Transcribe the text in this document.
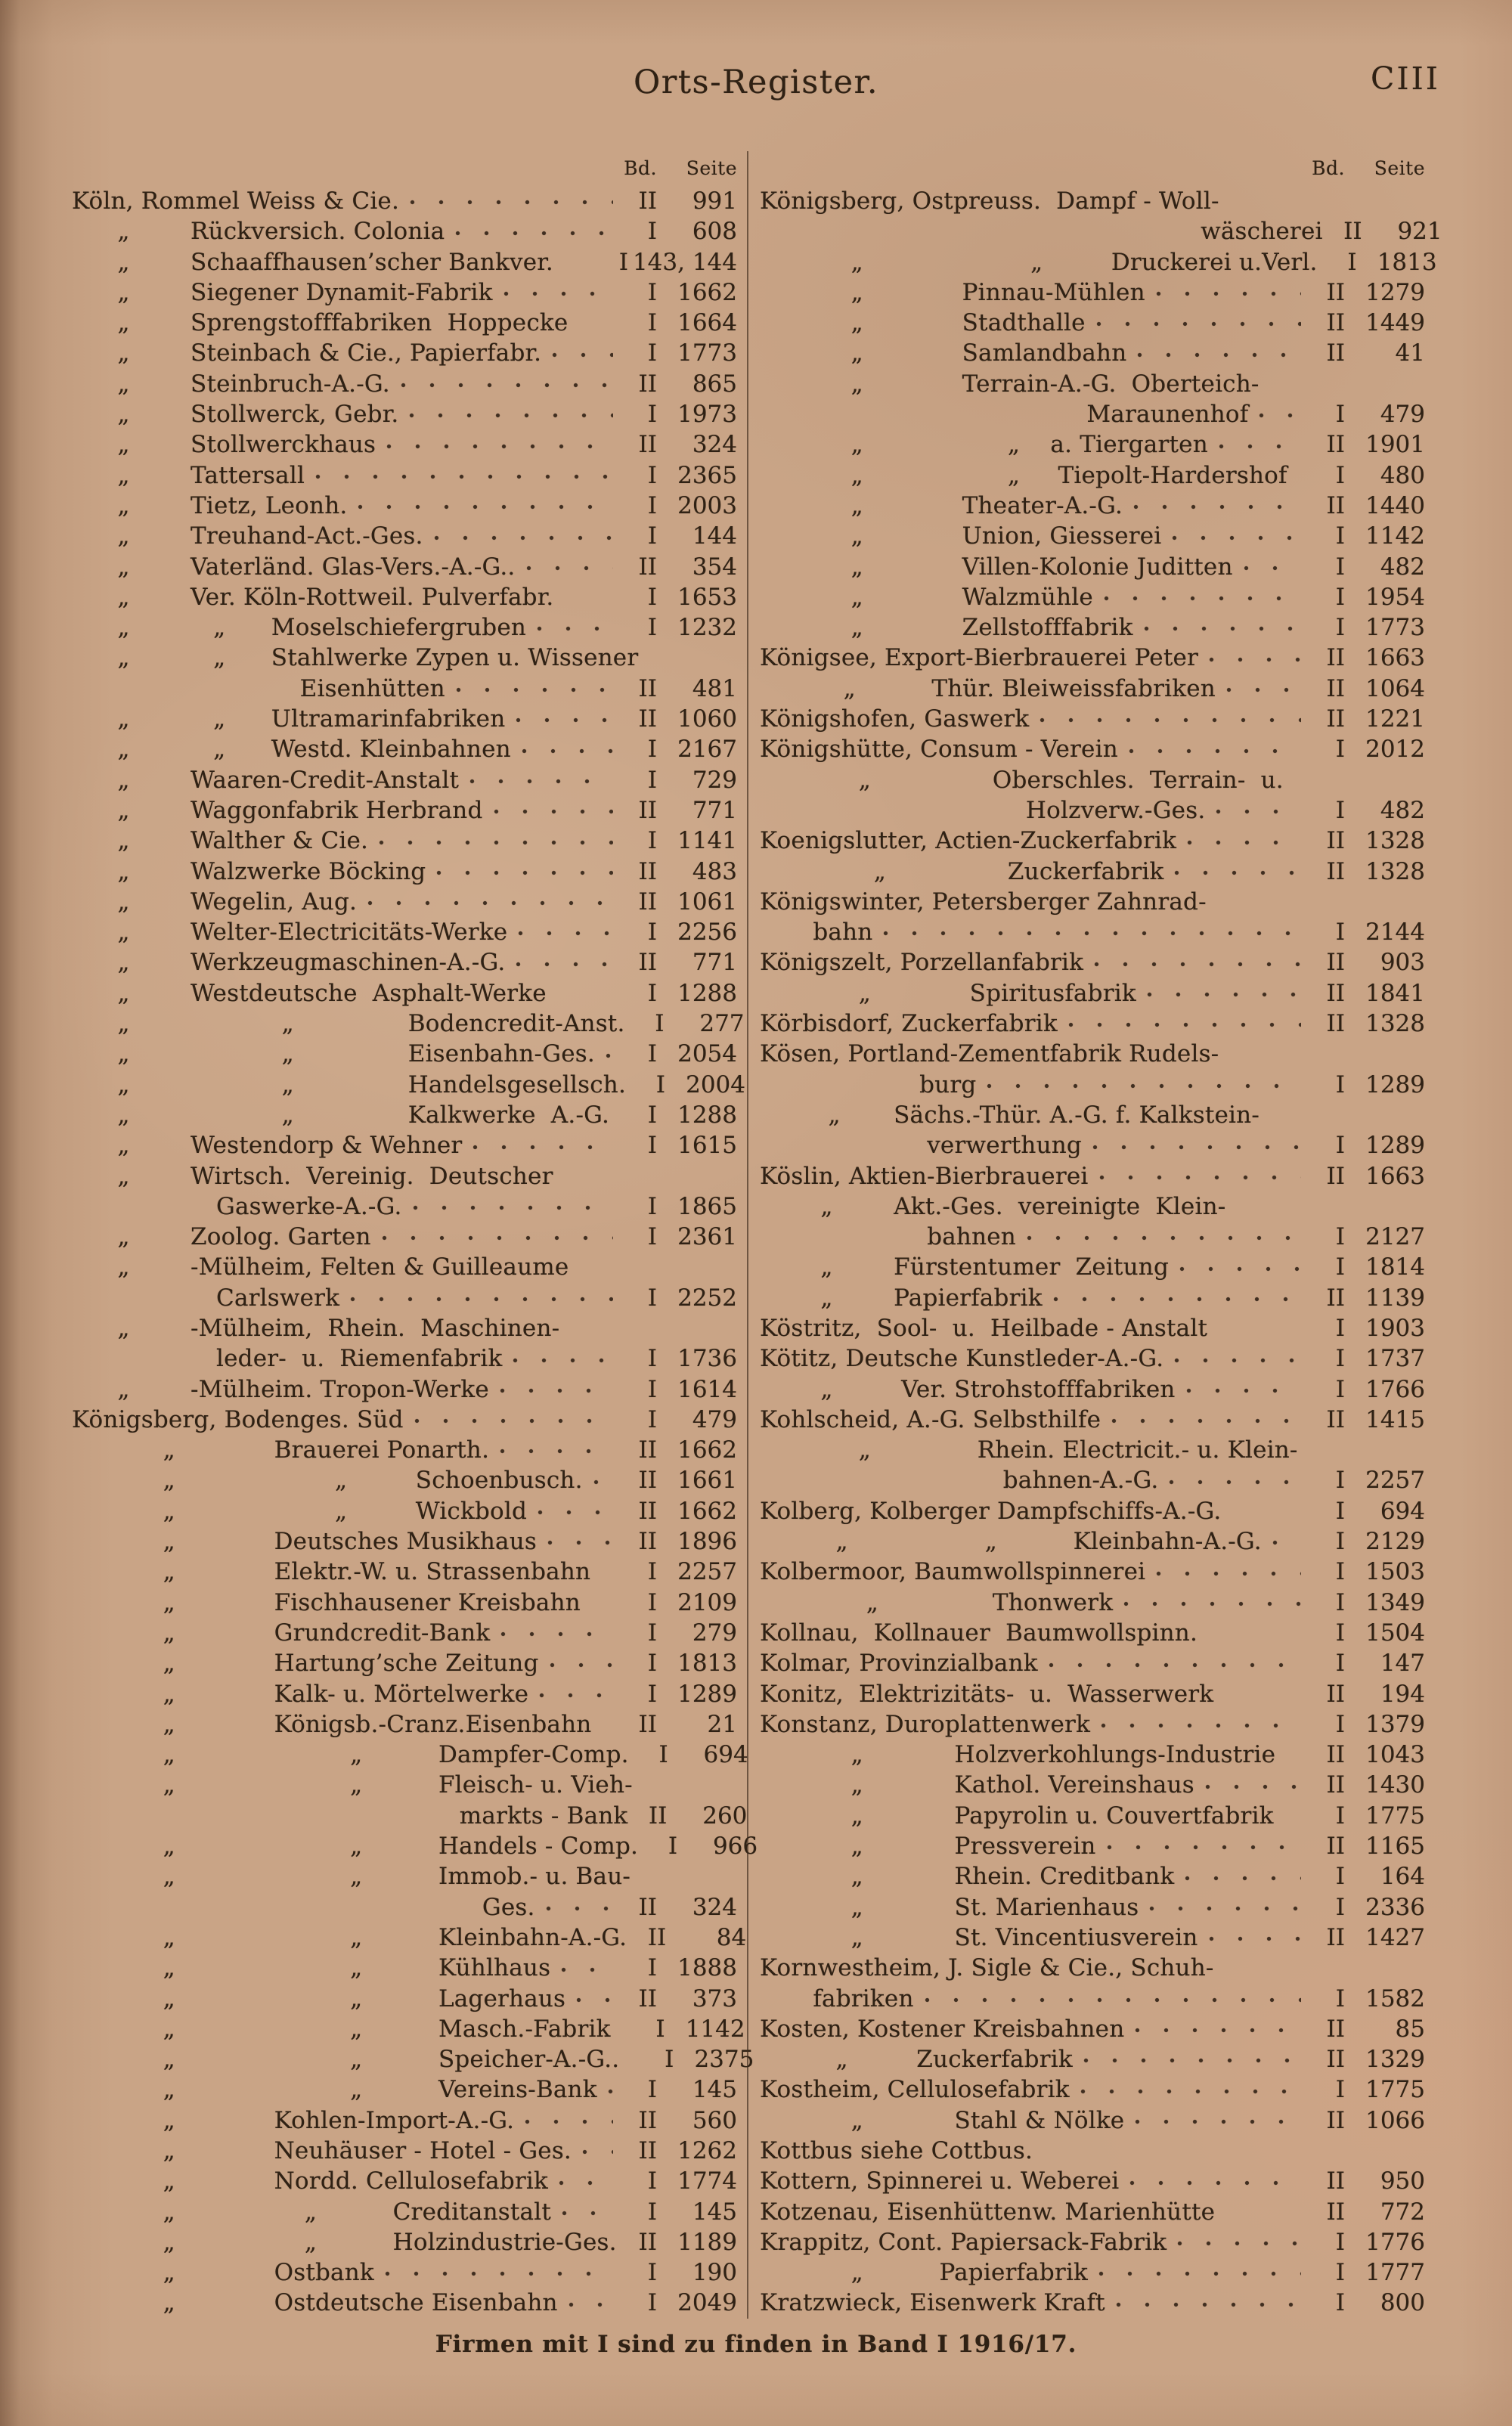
Orts-Register.	CIII
Bd.	Seite
Köln, Rommel Weiss & Cie.	II	991
„        Rückversich. Colonia	I	608
„        Schaaffhausen’scher Bankver.	I 143, 144
„        Siegener Dynamit-Fabrik	I 1662
„        Sprengstofffabriken  Hoppecke	I 1664
„        Steinbach & Cie., Papierfabr.	I 1773
„        Steinbruch-A.-G.	II	865
„        Stollwerck, Gebr.	I 1973
„        Stollwerckhaus	II	324
„        Tattersall	I 2365
„        Tietz, Leonh.	I 2003
„        Treuhand-Act.-Ges.	I	144
„        Vaterländ. Glas-Vers.-A.-G..	II	354
„        Ver. Köln-Rottweil. Pulverfabr.	I 1653
„           „      Moselschiefergruben	I 1232
„           „      Stahlwerke Zypen u. Wissener
Eisenhütten	II	481
„           „      Ultramarinfabriken	II 1060
„           „      Westd. Kleinbahnen	I 2167
„        Waaren-Credit-Anstalt	I	729
„        Waggonfabrik Herbrand	II	771
„        Walther & Cie.	I 1141
„        Walzwerke Böcking	II	483
„        Wegelin, Aug.	II 1061
„        Welter-Electricitäts-Werke	I 2256
„        Werkzeugmaschinen-A.-G.	II	771
„        Westdeutsche  Asphalt-Werke	I 1288
„                    „               Bodencredit-Anst.	I	277
„                    „               Eisenbahn-Ges.	I 2054
„                    „               Handelsgesellsch.	I 2004
„                    „               Kalkwerke  A.-G.	I 1288
„        Westendorp & Wehner	I 1615
„        Wirtsch.  Vereinig.  Deutscher
Gaswerke-A.-G.	I 1865
„        Zoolog. Garten	I 2361
„        -Mülheim, Felten & Guilleaume
Carlswerk	I 2252
„        -Mülheim,  Rhein.  Maschinen-
leder-  u.  Riemenfabrik	I 1736
„        -Mülheim. Tropon-Werke	I 1614
Königsberg, Bodenges. Süd	I	479
„             Brauerei Ponarth.	II 1662
„                     „         Schoenbusch.	II 1661
„                     „         Wickbold	II 1662
„             Deutsches Musikhaus	II 1896
„             Elektr.-W. u. Strassenbahn	I 2257
„             Fischhausener Kreisbahn	I 2109
„             Grundcredit-Bank	I	279
„             Hartung’sche Zeitung	I 1813
„             Kalk- u. Mörtelwerke	I 1289
„             Königsb.-Cranz.Eisenbahn	II	21
„                       „          Dampfer-Comp.	I	694
„                       „          Fleisch- u. Vieh-
markts - Bank II	260
„                       „          Handels - Comp.	I	966
„                       „          Immob.- u. Bau-
Ges.	II	324
„                       „          Kleinbahn-A.-G. II	84
„                       „          Kühlhaus	I 1888
„                       „          Lagerhaus	II	373
„                       „          Masch.-Fabrik	I 1142
„                       „          Speicher-A.-G..	I 2375
„                       „          Vereins-Bank	I	145
„             Kohlen-Import-A.-G.	II	560
„             Neuhäuser - Hotel - Ges.	II 1262
„             Nordd. Cellulosefabrik	I 1774
„                 „          Creditanstalt	I	145
„                 „          Holzindustrie-Ges. II 1189
„             Ostbank	I	190
„             Ostdeutsche Eisenbahn	I 2049
Bd.	Seite
Königsberg, Ostpreuss.  Dampf - Woll-
wäscherei II	921
„                      „         Druckerei u.Verl.	I 1813
„             Pinnau-Mühlen	II 1279
„             Stadthalle	II 1449
„             Samlandbahn	II	41
„             Terrain-A.-G.  Oberteich-
Maraunenhof	I	479
„                   „    a. Tiergarten	II 1901
„                   „     Tiepolt-Hardershof	I	480
„             Theater-A.-G.	II 1440
„             Union, Giesserei	I 1142
„             Villen-Kolonie Juditten	I	482
„             Walzmühle	I 1954
„             Zellstofffabrik	I 1773
Königsee, Export-Bierbrauerei Peter	II 1663
„          Thür. Bleiweissfabriken	II 1064
Königshofen, Gaswerk	II 1221
Königshütte, Consum - Verein	I 2012
„                Oberschles.  Terrain-  u.
Holzverw.-Ges.	I	482
Koenigslutter, Actien-Zuckerfabrik	II 1328
„                Zuckerfabrik	II 1328
Königswinter, Petersberger Zahnrad-
bahn	I 2144
Königszelt, Porzellanfabrik	II	903
„             Spiritusfabrik	II 1841
Körbisdorf, Zuckerfabrik	II 1328
Kösen, Portland-Zementfabrik Rudels-
burg	I 1289
„       Sächs.-Thür. A.-G. f. Kalkstein-
verwerthung	I 1289
Köslin, Aktien-Bierbrauerei	II 1663
„        Akt.-Ges.  vereinigte  Klein-
bahnen	I 2127
„        Fürstentumer  Zeitung	I 1814
„        Papierfabrik	II 1139
Köstritz,  Sool-  u.  Heilbade - Anstalt	I 1903
Kötitz, Deutsche Kunstleder-A.-G.	I 1737
„         Ver. Strohstofffabriken	I 1766
Kohlscheid, A.-G. Selbsthilfe	II 1415
„              Rhein. Electricit.- u. Klein-
bahnen-A.-G.	I 2257
Kolberg, Kolberger Dampfschiffs-A.-G.	I	694
„                  „          Kleinbahn-A.-G.	I 2129
Kolbermoor, Baumwollspinnerei	I 1503
„               Thonwerk	I 1349
Kollnau,  Kollnauer  Baumwollspinn.	I 1504
Kolmar, Provinzialbank	I	147
Konitz,  Elektrizitäts-  u.  Wasserwerk	II	194
Konstanz, Duroplattenwerk	I 1379
„            Holzverkohlungs-Industrie	II 1043
„            Kathol. Vereinshaus	II 1430
„            Papyrolin u. Couvertfabrik	I 1775
„            Pressverein	II 1165
„            Rhein. Creditbank	I	164
„            St. Marienhaus	I 2336
„            St. Vincentiusverein	II 1427
Kornwestheim, J. Sigle & Cie., Schuh-
fabriken	I 1582
Kosten, Kostener Kreisbahnen	II	85
„         Zuckerfabrik	II 1329
Kostheim, Cellulosefabrik	I 1775
„            Stahl & Nölke	II 1066
Kottbus siehe Cottbus.
Kottern, Spinnerei u. Weberei	II	950
Kotzenau, Eisenhüttenw. Marienhütte	II	772
Krappitz, Cont. Papiersack-Fabrik	I 1776
„          Papierfabrik	I 1777
Kratzwieck, Eisenwerk Kraft	I	800
Firmen mit I sind zu finden in Band I 1916/17.
